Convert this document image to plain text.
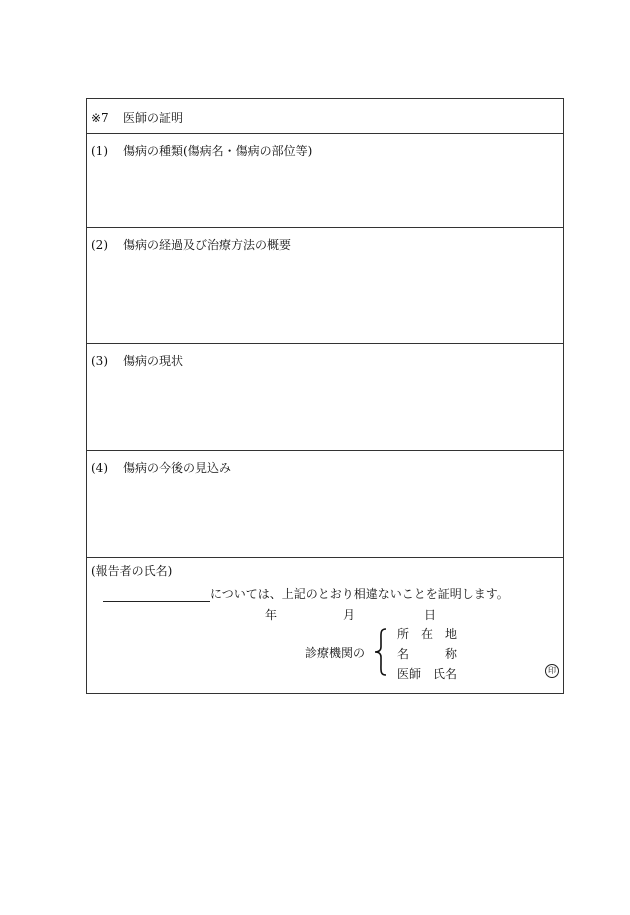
※7 医師の証明
(1) 傷病の種類(傷病名・傷病の部位等)
(2) 傷病の経過及び治療方法の概要
(3) 傷病の現状
(4) 傷病の今後の見込み
(報告者の氏名)
については、上記のとおり相違ないことを証明します。
年	月	日
診療機関の
所　在　地
名　　　称
医師　氏名	印
